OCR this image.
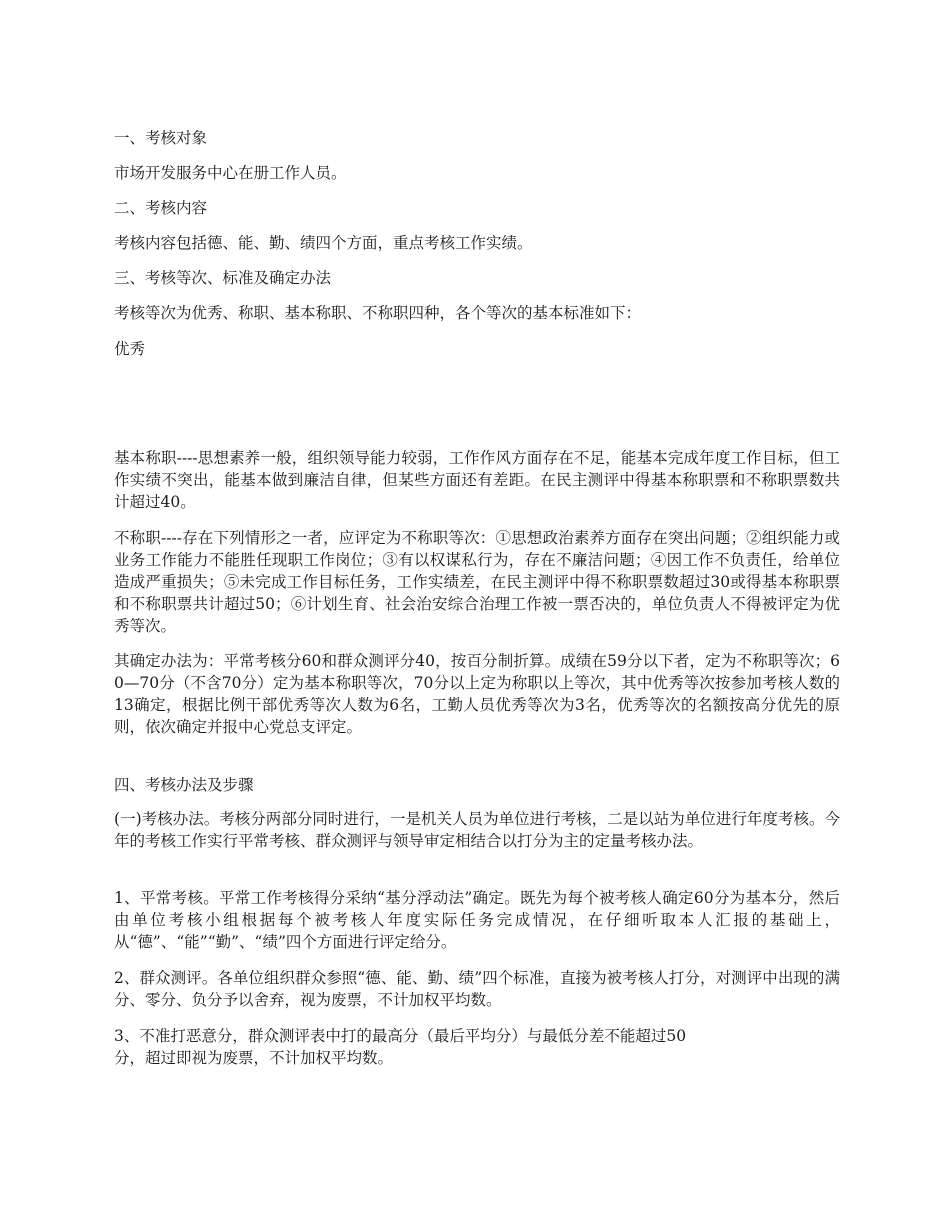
一、考核对象

市场开发服务中心在册工作人员。

二、考核内容

考核内容包括德、能、勤、绩四个方面，重点考核工作实绩。

三、考核等次、标准及确定办法

考核等次为优秀、称职、基本称职、不称职四种，各个等次的基本标准如下：

优秀

基本称职----思想素养一般，组织领导能力较弱，工作作风方面存在不足，能基本完成年度工作目标，但工作实绩不突出，能基本做到廉洁自律，但某些方面还有差距。在民主测评中得基本称职票和不称职票数共计超过40。

不称职----存在下列情形之一者，应评定为不称职等次：①思想政治素养方面存在突出问题；②组织能力或业务工作能力不能胜任现职工作岗位；③有以权谋私行为，存在不廉洁问题；④因工作不负责任，给单位造成严重损失；⑤未完成工作目标任务，工作实绩差，在民主测评中得不称职票数超过30或得基本称职票和不称职票共计超过50；⑥计划生育、社会治安综合治理工作被一票否决的，单位负责人不得被评定为优秀等次。

其确定办法为：平常考核分60和群众测评分40，按百分制折算。成绩在59分以下者，定为不称职等次；60—70分（不含70分）定为基本称职等次，70分以上定为称职以上等次，其中优秀等次按参加考核人数的13确定，根据比例干部优秀等次人数为6名，工勤人员优秀等次为3名，优秀等次的名额按高分优先的原则，依次确定并报中心党总支评定。

四、考核办法及步骤

(一)考核办法。考核分两部分同时进行，一是机关人员为单位进行考核，二是以站为单位进行年度考核。今年的考核工作实行平常考核、群众测评与领导审定相结合以打分为主的定量考核办法。

1、平常考核。平常工作考核得分采纳“基分浮动法”确定。既先为每个被考核人确定60分为基本分，然后由单位考核小组根据每个被考核人年度实际任务完成情况，在仔细听取本人汇报的基础上，从“德”、“能”“勤”、“绩”四个方面进行评定给分。

2、群众测评。各单位组织群众参照“德、能、勤、绩”四个标准，直接为被考核人打分，对测评中出现的满分、零分、负分予以舍弃，视为废票，不计加权平均数。

3、不准打恶意分，群众测评表中打的最高分（最后平均分）与最低分差不能超过50

分，超过即视为废票，不计加权平均数。
